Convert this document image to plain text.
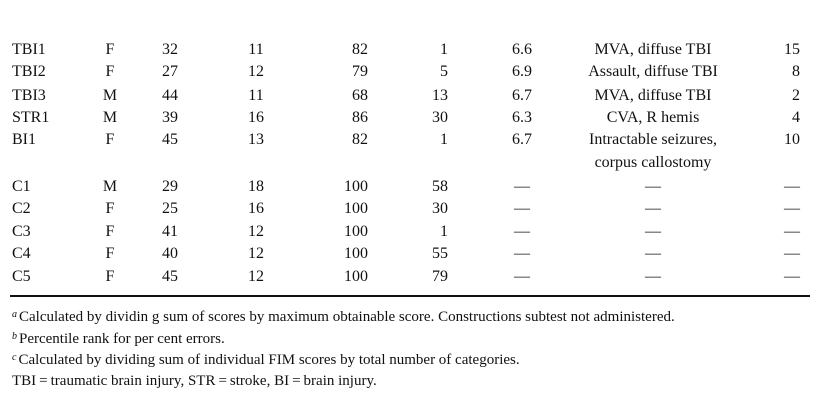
TBI1	F	32	11	82	1	6.6	MVA, diffuse TBI	15
TBI2	F	27	12	79	5	6.9	Assault, diffuse TBI	8
TBI3	M	44	11	68	13	6.7	MVA, diffuse TBI	2
STR1	M	39	16	86	30	6.3	CVA, R hemis	4
BI1	F	45	13	82	1	6.7	Intractable seizures,	10
corpus callostomy
C1	M	29	18	100	58	—	—	—
C2	F	25	16	100	30	—	—	—
C3	F	41	12	100	1	—	—	—
C4	F	40	12	100	55	—	—	—
C5	F	45	12	100	79	—	—	—
$^a$ Calculated by dividin g sum of scores by maximum obtainable score. Constructions subtest not administered.
$^b$ Percentile rank for per cent errors.
$^c$ Calculated by dividing sum of individual FIM scores by total number of categories.
TBI = traumatic brain injury, STR = stroke, BI = brain injury.
